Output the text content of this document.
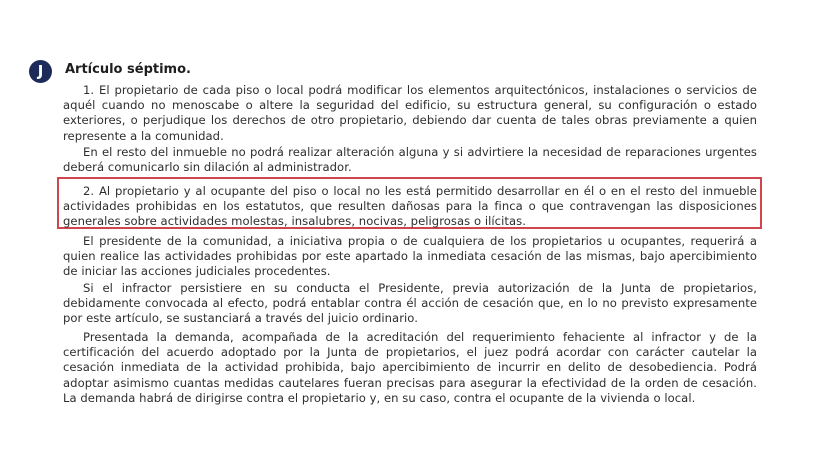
J	Artículo séptimo.

1. El propietario de cada piso o local podrá modificar los elementos arquitectónicos, instalaciones o servicios de aquél cuando no menoscabe o altere la seguridad del edificio, su estructura general, su configuración o estado exteriores, o perjudique los derechos de otro propietario, debiendo dar cuenta de tales obras previamente a quien represente a la comunidad.

En el resto del inmueble no podrá realizar alteración alguna y si advirtiere la necesidad de reparaciones urgentes deberá comunicarlo sin dilación al administrador.

2. Al propietario y al ocupante del piso o local no les está permitido desarrollar en él o en el resto del inmueble actividades prohibidas en los estatutos, que resulten dañosas para la finca o que contravengan las disposiciones generales sobre actividades molestas, insalubres, nocivas, peligrosas o ilícitas.

El presidente de la comunidad, a iniciativa propia o de cualquiera de los propietarios u ocupantes, requerirá a quien realice las actividades prohibidas por este apartado la inmediata cesación de las mismas, bajo apercibimiento de iniciar las acciones judiciales procedentes.

Si el infractor persistiere en su conducta el Presidente, previa autorización de la Junta de propietarios, debidamente convocada al efecto, podrá entablar contra él acción de cesación que, en lo no previsto expresamente por este artículo, se sustanciará a través del juicio ordinario.

Presentada la demanda, acompañada de la acreditación del requerimiento fehaciente al infractor y de la certificación del acuerdo adoptado por la Junta de propietarios, el juez podrá acordar con carácter cautelar la cesación inmediata de la actividad prohibida, bajo apercibimiento de incurrir en delito de desobediencia. Podrá adoptar asimismo cuantas medidas cautelares fueran precisas para asegurar la efectividad de la orden de cesación. La demanda habrá de dirigirse contra el propietario y, en su caso, contra el ocupante de la vivienda o local.
